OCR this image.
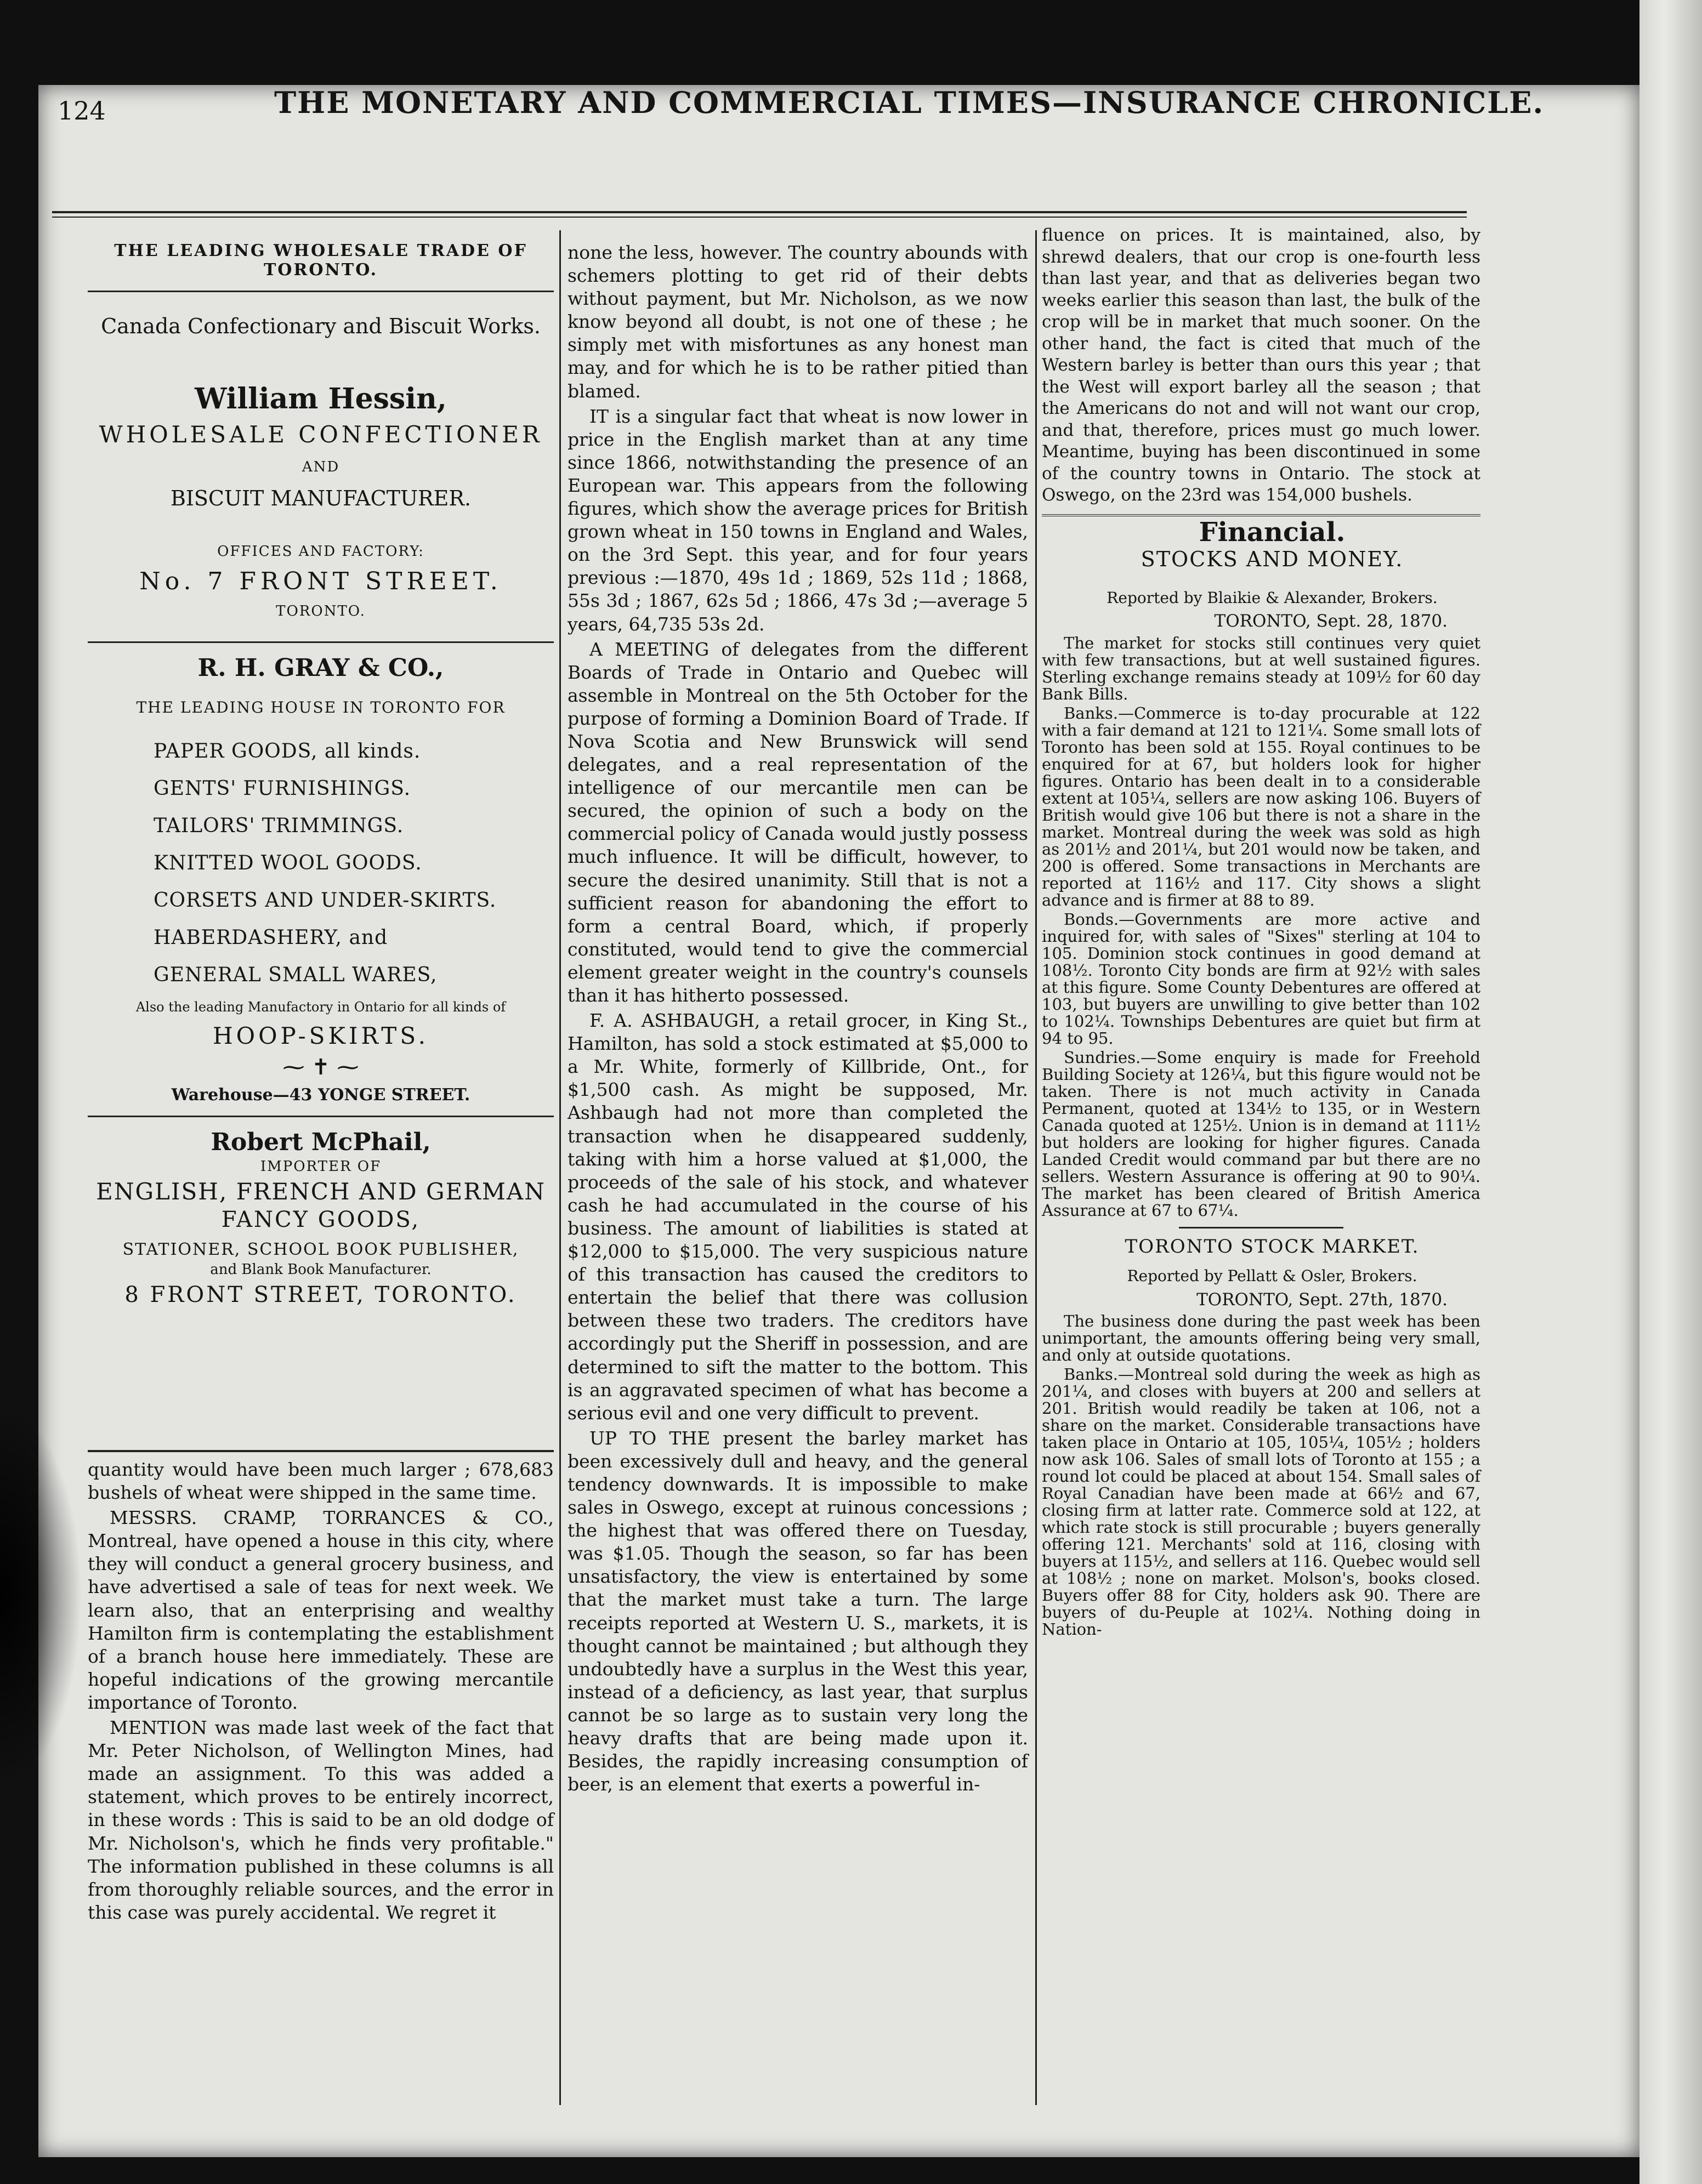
124	THE MONETARY AND COMMERCIAL TIMES—INSURANCE CHRONICLE.
THE LEADING WHOLESALE TRADE OF TORONTO.
Canada Confectionary and Biscuit Works.
William Hessin,
WHOLESALE CONFECTIONER
AND
BISCUIT MANUFACTURER.
OFFICES AND FACTORY:
No. 7 FRONT STREET.
TORONTO.
R. H. GRAY & CO.,
THE LEADING HOUSE IN TORONTO FOR
PAPER GOODS, all kinds.
GENTS' FURNISHINGS.
TAILORS' TRIMMINGS.
KNITTED WOOL GOODS.
CORSETS AND UNDER-SKIRTS.
HABERDASHERY, and
GENERAL SMALL WARES,
Also the leading Manufactory in Ontario for all kinds of
HOOP-SKIRTS.
⁓ ✝ ⁓
Warehouse—43 YONGE STREET.
Robert McPhail,
IMPORTER OF
ENGLISH, FRENCH AND GERMAN
FANCY GOODS,
STATIONER, SCHOOL BOOK PUBLISHER,
and Blank Book Manufacturer.
8 FRONT STREET, TORONTO.

quantity would have been much larger ; 678,683 bushels of wheat were shipped in the same time.

MESSRS. CRAMP, TORRANCES & CO., Montreal, have opened a house in this city, where they will conduct a general grocery business, and have advertised a sale of teas for next week. We learn also, that an enterprising and wealthy Hamilton firm is contemplating the establishment of a branch house here immediately. These are hopeful indications of the growing mercantile importance of Toronto.

MENTION was made last week of the fact that Mr. Peter Nicholson, of Wellington Mines, had made an assignment. To this was added a statement, which proves to be entirely incorrect, in these words : This is said to be an old dodge of Mr. Nicholson's, which he finds very profitable." The information published in these columns is all from thoroughly reliable sources, and the error in this case was purely accidental. We regret it

none the less, however. The country abounds with schemers plotting to get rid of their debts without payment, but Mr. Nicholson, as we now know beyond all doubt, is not one of these ; he simply met with misfortunes as any honest man may, and for which he is to be rather pitied than blamed.

IT is a singular fact that wheat is now lower in price in the English market than at any time since 1866, notwithstanding the presence of an European war. This appears from the following figures, which show the average prices for British grown wheat in 150 towns in England and Wales, on the 3rd Sept. this year, and for four years previous :—1870, 49s 1d ; 1869, 52s 11d ; 1868, 55s 3d ; 1867, 62s 5d ; 1866, 47s 3d ;—average 5 years, 64,735 53s 2d.

A MEETING of delegates from the different Boards of Trade in Ontario and Quebec will assemble in Montreal on the 5th October for the purpose of forming a Dominion Board of Trade. If Nova Scotia and New Brunswick will send delegates, and a real representation of the intelligence of our mercantile men can be secured, the opinion of such a body on the commercial policy of Canada would justly possess much influence. It will be difficult, however, to secure the desired unanimity. Still that is not a sufficient reason for abandoning the effort to form a central Board, which, if properly constituted, would tend to give the commercial element greater weight in the country's counsels than it has hitherto possessed.

F. A. ASHBAUGH, a retail grocer, in King St., Hamilton, has sold a stock estimated at $5,000 to a Mr. White, formerly of Killbride, Ont., for $1,500 cash. As might be supposed, Mr. Ashbaugh had not more than completed the transaction when he disappeared suddenly, taking with him a horse valued at $1,000, the proceeds of the sale of his stock, and whatever cash he had accumulated in the course of his business. The amount of liabilities is stated at $12,000 to $15,000. The very suspicious nature of this transaction has caused the creditors to entertain the belief that there was collusion between these two traders. The creditors have accordingly put the Sheriff in possession, and are determined to sift the matter to the bottom. This is an aggravated specimen of what has become a serious evil and one very difficult to prevent.

UP TO THE present the barley market has been excessively dull and heavy, and the general tendency downwards. It is impossible to make sales in Oswego, except at ruinous concessions ; the highest that was offered there on Tuesday, was $1.05. Though the season, so far has been unsatisfactory, the view is entertained by some that the market must take a turn. The large receipts reported at Western U. S., markets, it is thought cannot be maintained ; but although they undoubtedly have a surplus in the West this year, instead of a deficiency, as last year, that surplus cannot be so large as to sustain very long the heavy drafts that are being made upon it. Besides, the rapidly increasing consumption of beer, is an element that exerts a powerful in-

fluence on prices. It is maintained, also, by shrewd dealers, that our crop is one-fourth less than last year, and that as deliveries began two weeks earlier this season than last, the bulk of the crop will be in market that much sooner. On the other hand, the fact is cited that much of the Western barley is better than ours this year ; that the West will export barley all the season ; that the Americans do not and will not want our crop, and that, therefore, prices must go much lower. Meantime, buying has been discontinued in some of the country towns in Ontario. The stock at Oswego, on the 23rd was 154,000 bushels.

Financial.

STOCKS AND MONEY.

Reported by Blaikie & Alexander, Brokers.

TORONTO, Sept. 28, 1870.

The market for stocks still continues very quiet with few transactions, but at well sustained figures. Sterling exchange remains steady at 109½ for 60 day Bank Bills.

Banks.—Commerce is to-day procurable at 122 with a fair demand at 121 to 121¼. Some small lots of Toronto has been sold at 155. Royal continues to be enquired for at 67, but holders look for higher figures. Ontario has been dealt in to a considerable extent at 105¼, sellers are now asking 106. Buyers of British would give 106 but there is not a share in the market. Montreal during the week was sold as high as 201½ and 201¼, but 201 would now be taken, and 200 is offered. Some transactions in Merchants are reported at 116½ and 117. City shows a slight advance and is firmer at 88 to 89.

Bonds.—Governments are more active and inquired for, with sales of "Sixes" sterling at 104 to 105. Dominion stock continues in good demand at 108½. Toronto City bonds are firm at 92½ with sales at this figure. Some County Debentures are offered at 103, but buyers are unwilling to give better than 102 to 102¼. Townships Debentures are quiet but firm at 94 to 95.

Sundries.—Some enquiry is made for Freehold Building Society at 126¼, but this figure would not be taken. There is not much activity in Canada Permanent, quoted at 134½ to 135, or in Western Canada quoted at 125½. Union is in demand at 111½ but holders are looking for higher figures. Canada Landed Credit would command par but there are no sellers. Western Assurance is offering at 90 to 90¼. The market has been cleared of British America Assurance at 67 to 67¼.

TORONTO STOCK MARKET.

Reported by Pellatt & Osler, Brokers.

TORONTO, Sept. 27th, 1870.

The business done during the past week has been unimportant, the amounts offering being very small, and only at outside quotations.

Banks.—Montreal sold during the week as high as 201¼, and closes with buyers at 200 and sellers at 201. British would readily be taken at 106, not a share on the market. Considerable transactions have taken place in Ontario at 105, 105¼, 105½ ; holders now ask 106. Sales of small lots of Toronto at 155 ; a round lot could be placed at about 154. Small sales of Royal Canadian have been made at 66½ and 67, closing firm at latter rate. Commerce sold at 122, at which rate stock is still procurable ; buyers generally offering 121. Merchants' sold at 116, closing with buyers at 115½, and sellers at 116. Quebec would sell at 108½ ; none on market. Molson's, books closed. Buyers offer 88 for City, holders ask 90. There are buyers of du-Peuple at 102¼. Nothing doing in Nation-
